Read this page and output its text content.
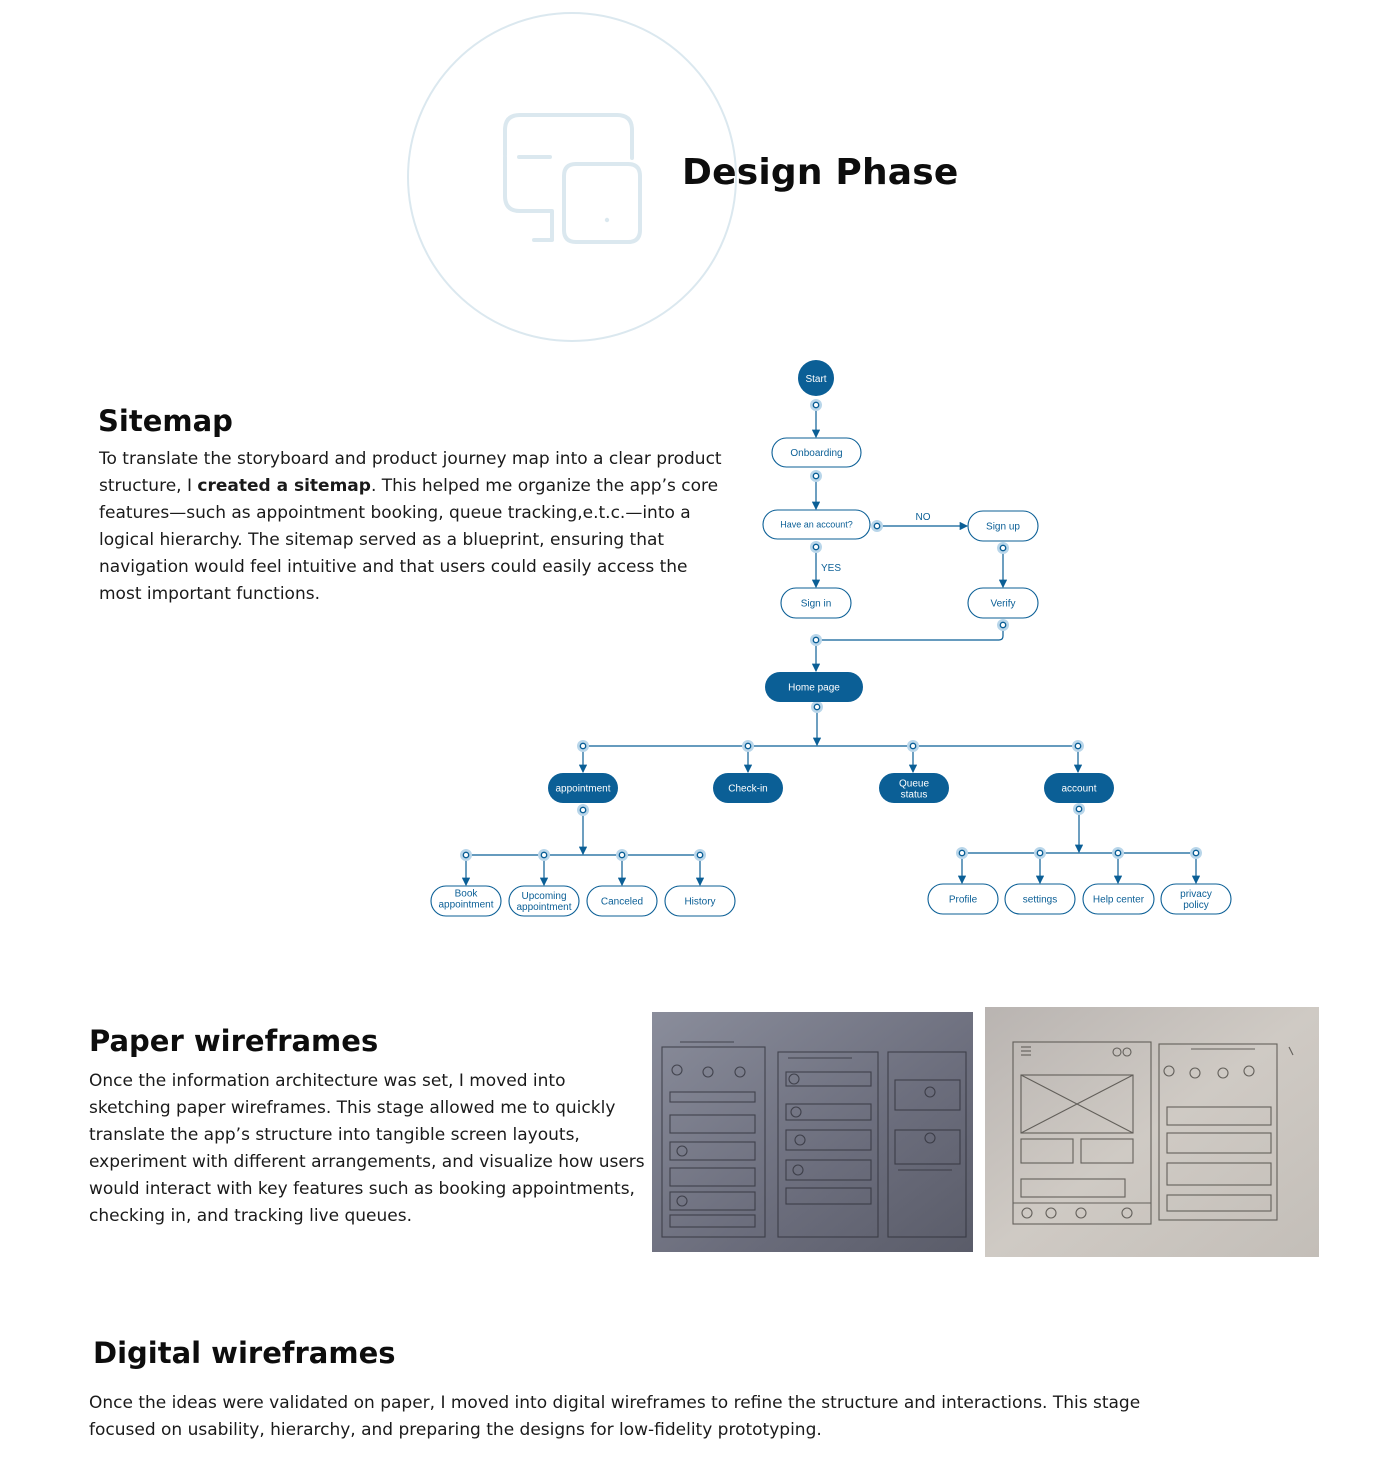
Design Phase
Sitemap

To translate the storyboard and product journey map into a clear product structure, I created a sitemap. This helped me organize the app’s core features—such as appointment booking, queue tracking,e.t.c.—into a logical hierarchy. The sitemap served as a blueprint, ensuring that navigation would feel intuitive and that users could easily access the most important functions.

NO
YES
Start
Onboarding
Have an account?	Sign up
Sign in	Verify
Home page
appointment	Check-in	Queue
status
account
Book
appointment
Upcoming
appointment	Canceled	History	Profile	settings	Help center	privacy
policy
Paper wireframes

Once the information architecture was set, I moved into sketching paper wireframes. This stage allowed me to quickly translate the app’s structure into tangible screen layouts, experiment with different arrangements, and visualize how users would interact with key features such as booking appointments, checking in, and tracking live queues.

Digital wireframes

Once the ideas were validated on paper, I moved into digital wireframes to refine the structure and interactions. This stage focused on usability, hierarchy, and preparing the designs for low-fidelity prototyping.
